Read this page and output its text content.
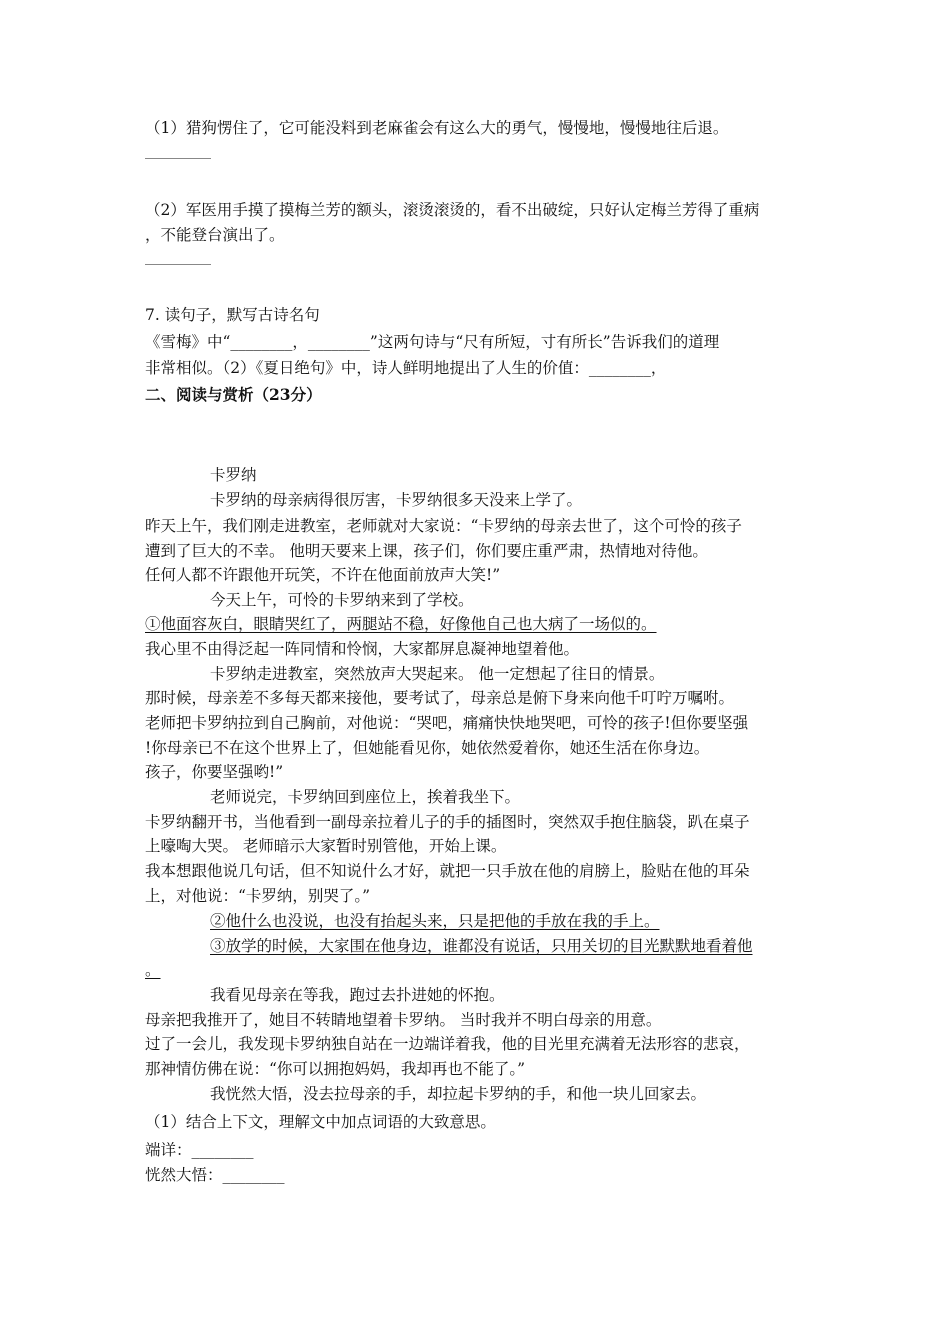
（1）猎狗愣住了，它可能没料到老麻雀会有这么大的勇气，慢慢地，慢慢地往后退。
（2）军医用手摸了摸梅兰芳的额头，滚烫滚烫的，看不出破绽，只好认定梅兰芳得了重病
，不能登台演出了。
7. 读句子，默写古诗名句
《雪梅》中“________，________”这两句诗与“尺有所短，寸有所长”告诉我们的道理
非常相似。（2）《夏日绝句》中，诗人鲜明地提出了人生的价值：________，
二、阅读与赏析（23分）
卡罗纳
卡罗纳的母亲病得很厉害，卡罗纳很多天没来上学了。
昨天上午，我们刚走进教室，老师就对大家说：“卡罗纳的母亲去世了，这个可怜的孩子
遭到了巨大的不幸。 他明天要来上课，孩子们，你们要庄重严肃，热情地对待他。
任何人都不许跟他开玩笑，不许在他面前放声大笑!”
今天上午，可怜的卡罗纳来到了学校。
①他面容灰白，眼睛哭红了，两腿站不稳，好像他自己也大病了一场似的。
我心里不由得泛起一阵同情和怜悯，大家都屏息凝神地望着他。
卡罗纳走进教室，突然放声大哭起来。 他一定想起了往日的情景。
那时候，母亲差不多每天都来接他，要考试了，母亲总是俯下身来向他千叮咛万嘱咐。
老师把卡罗纳拉到自己胸前，对他说：“哭吧，痛痛快快地哭吧，可怜的孩子!但你要坚强
!你母亲已不在这个世界上了，但她能看见你，她依然爱着你，她还生活在你身边。
孩子，你要坚强哟!”
老师说完，卡罗纳回到座位上，挨着我坐下。
卡罗纳翻开书，当他看到一副母亲拉着儿子的手的插图时，突然双手抱住脑袋，趴在桌子
上嚎啕大哭。 老师暗示大家暂时别管他，开始上课。
我本想跟他说几句话，但不知说什么才好，就把一只手放在他的肩膀上，脸贴在他的耳朵
上，对他说：“卡罗纳，别哭了。”
②他什么也没说，也没有抬起头来，只是把他的手放在我的手上。
③放学的时候，大家围在他身边，谁都没有说话，只用关切的目光默默地看着他
。
我看见母亲在等我，跑过去扑进她的怀抱。
母亲把我推开了，她目不转睛地望着卡罗纳。 当时我并不明白母亲的用意。
过了一会儿，我发现卡罗纳独自站在一边端详着我，他的目光里充满着无法形容的悲哀，
那神情仿佛在说：“你可以拥抱妈妈，我却再也不能了。”
我恍然大悟，没去拉母亲的手，却拉起卡罗纳的手，和他一块儿回家去。
（1）结合上下文，理解文中加点词语的大致意思。
端详：________
恍然大悟：________
